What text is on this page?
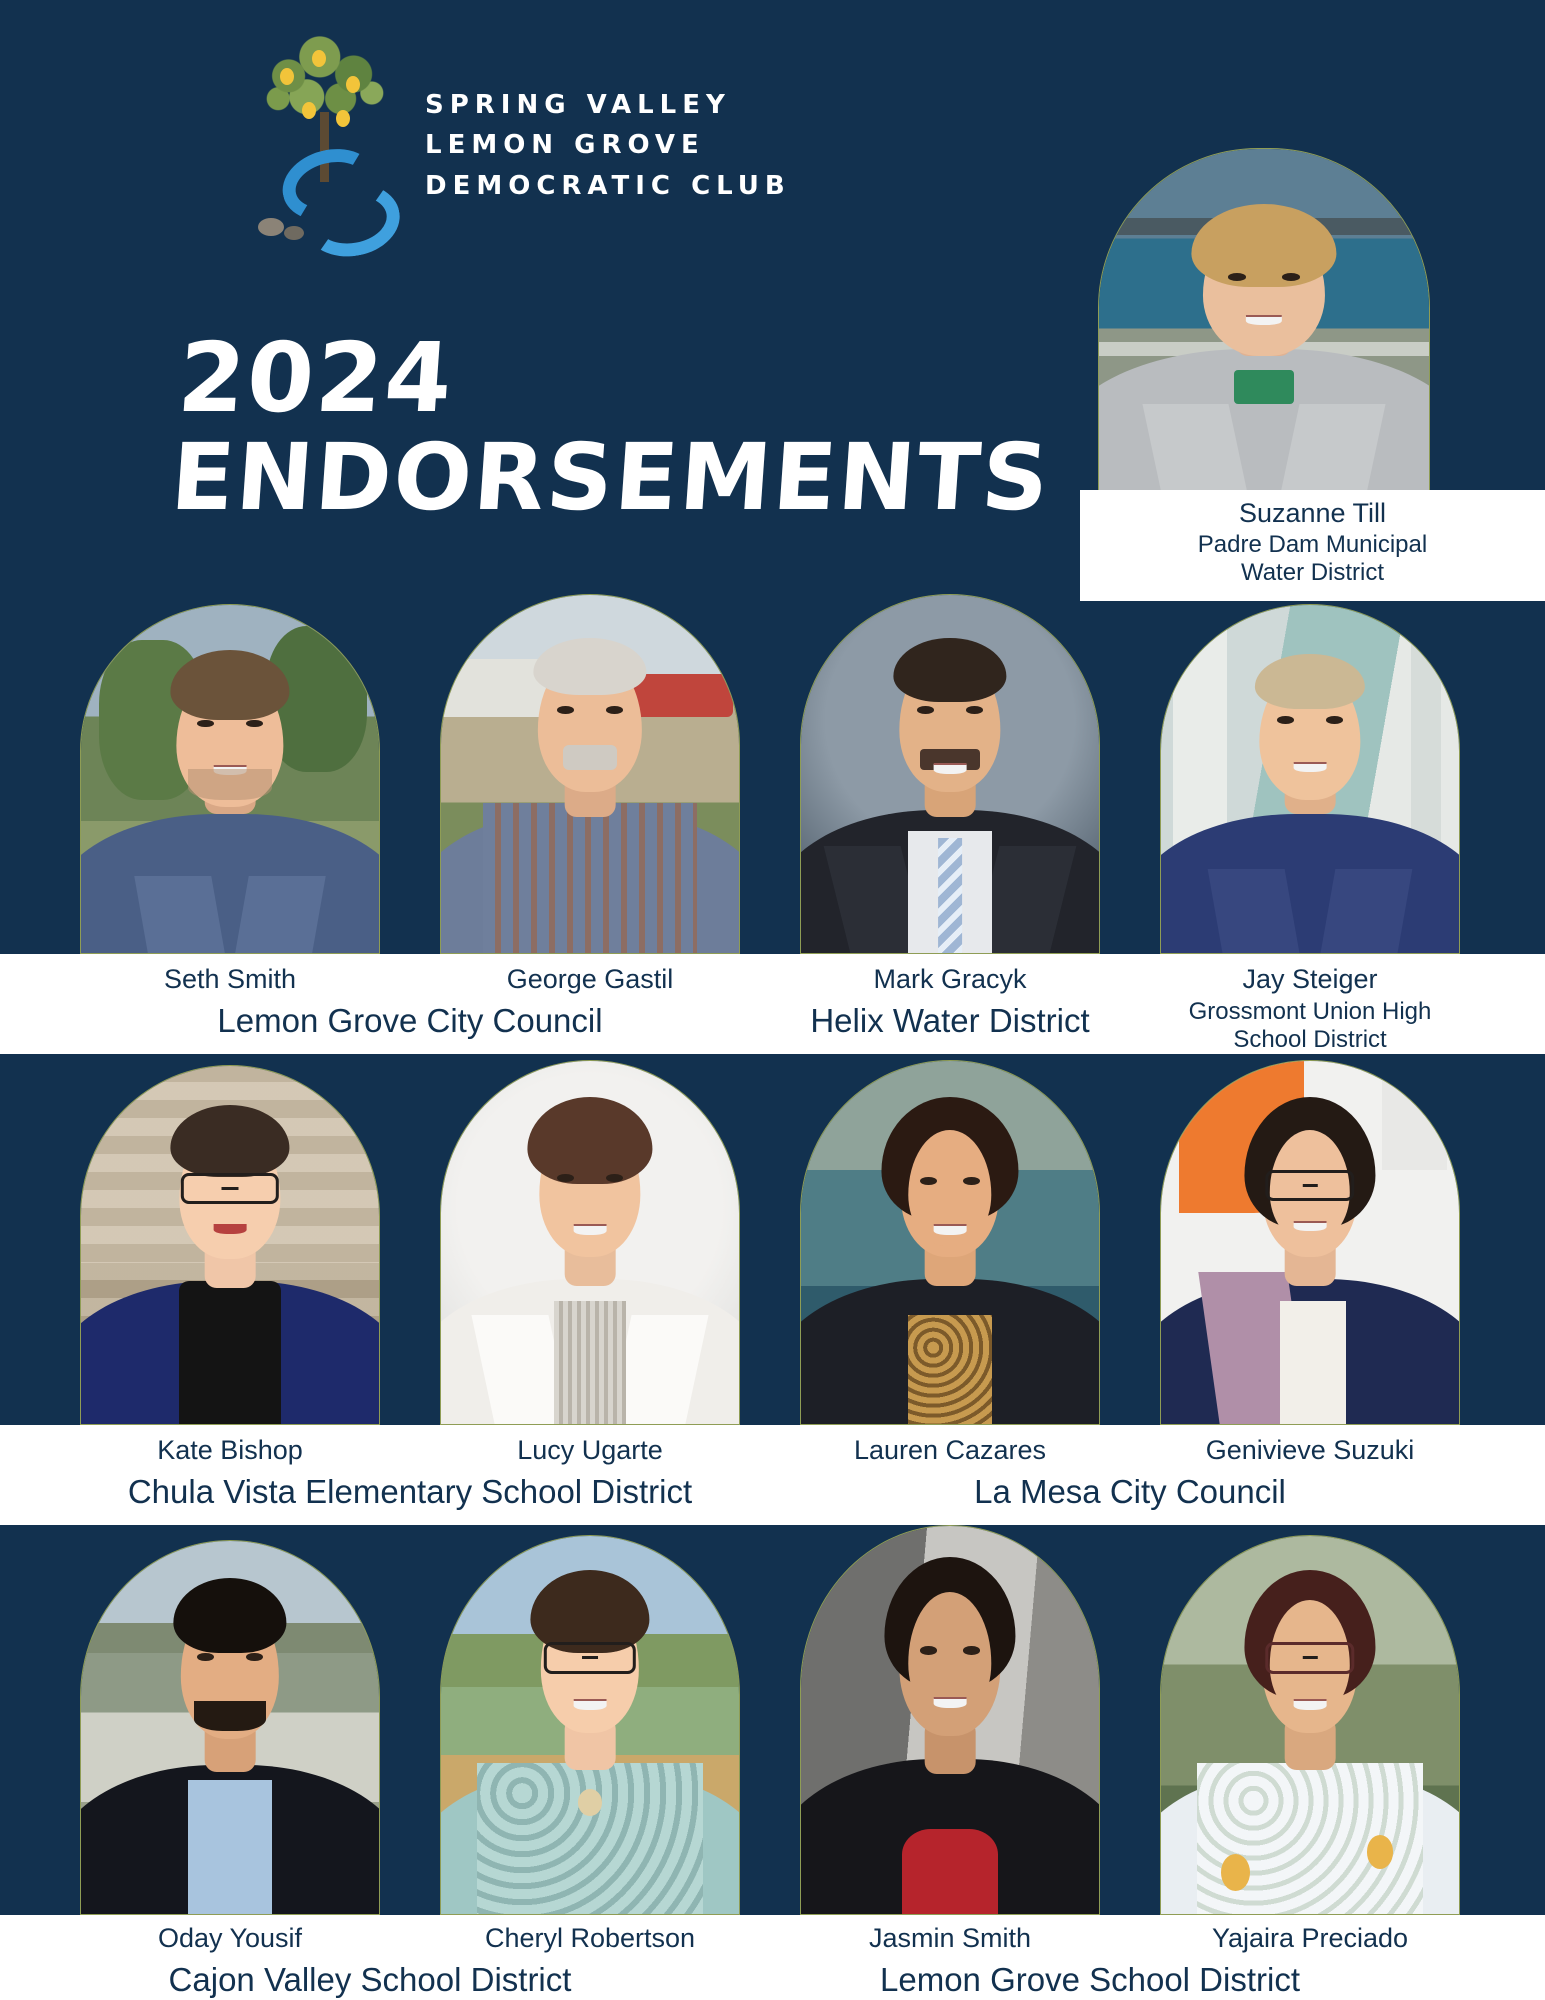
SPRING VALLEY
LEMON GROVE
DEMOCRATIC CLUB
2024
ENDORSEMENTS	Suzanne Till
Padre Dam Municipal
Water District
Seth Smith	George Gastil	Mark Gracyk	Jay Steiger
Lemon Grove City Council	Helix Water District	Grossmont Union High School District
Kate Bishop	Lucy Ugarte	Lauren Cazares	Genivieve Suzuki
Chula Vista Elementary School District	La Mesa City Council
Oday Yousif	Cheryl Robertson	Jasmin Smith	Yajaira Preciado
Cajon Valley School District	Lemon Grove School District
